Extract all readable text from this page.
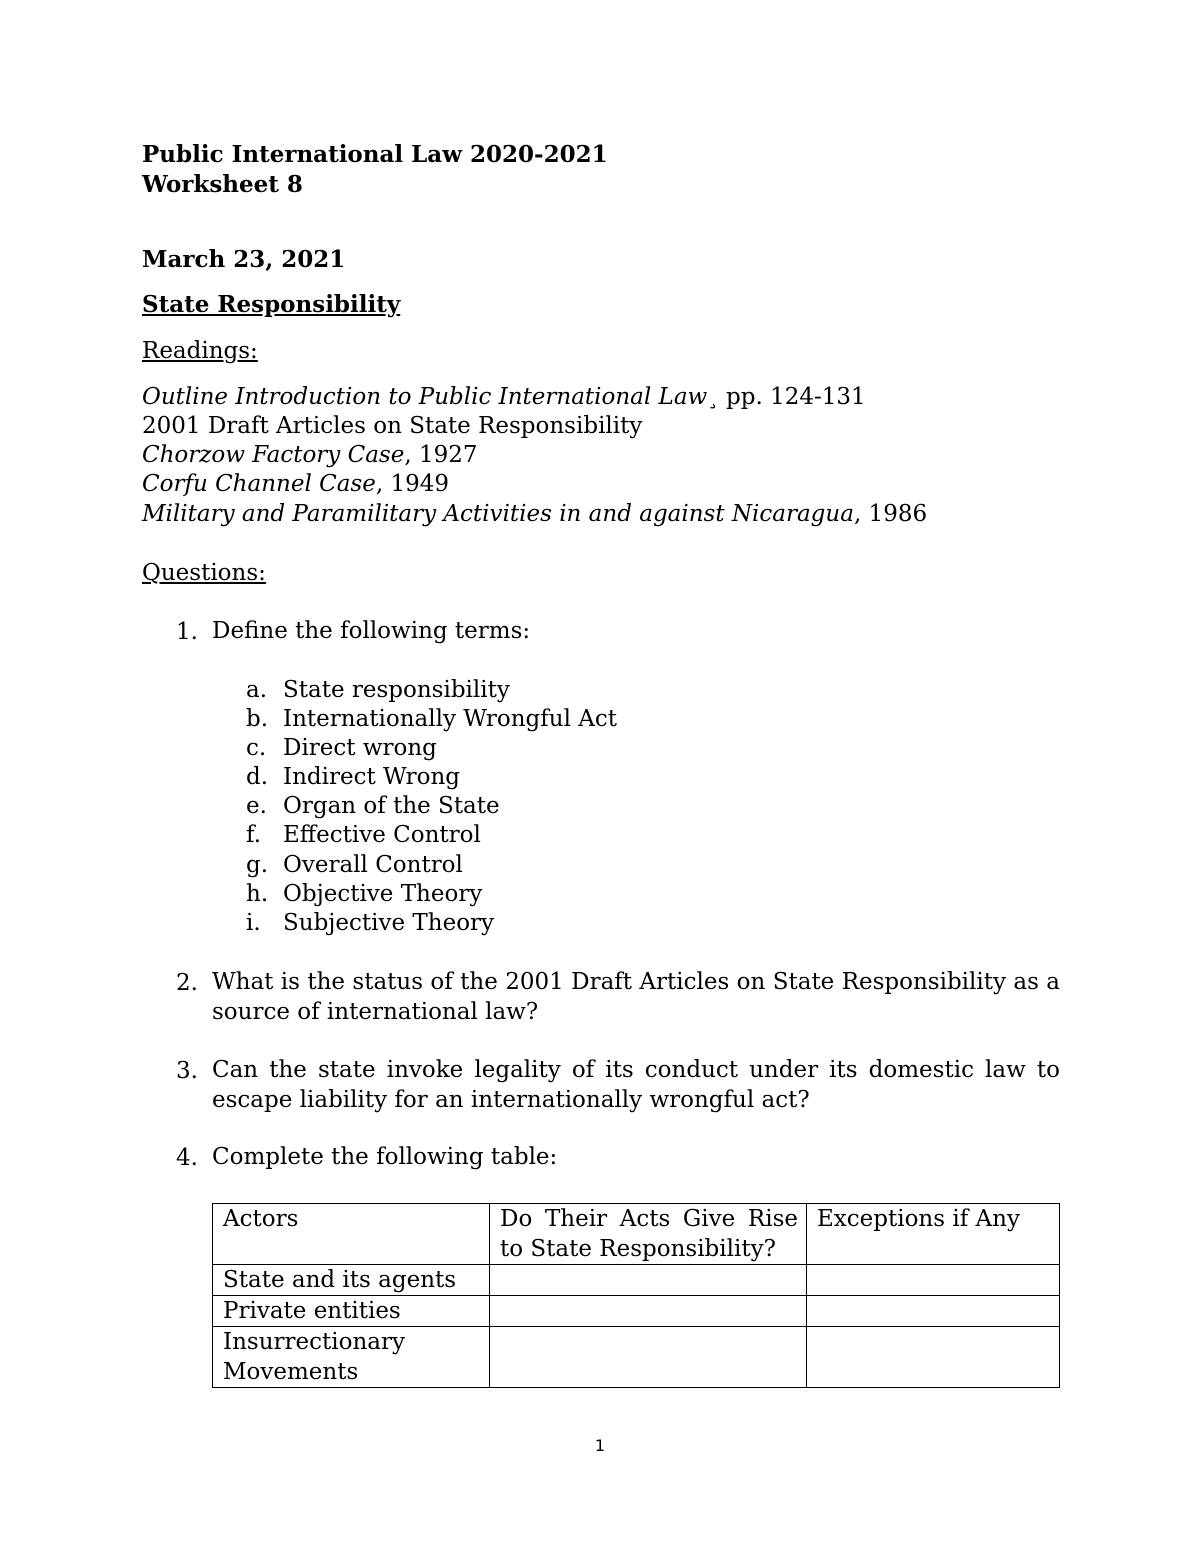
Public International Law 2020-2021
Worksheet 8
March 23, 2021
State Responsibility
Readings:
Outline Introduction to Public International Law¸ pp. 124-131
2001 Draft Articles on State Responsibility
Chorzow Factory Case, 1927
Corfu Channel Case, 1949
Military and Paramilitary Activities in and against Nicaragua, 1986
Questions:
1. Define the following terms:
a. State responsibility
b. Internationally Wrongful Act
c. Direct wrong
d. Indirect Wrong
e. Organ of the State
f. Effective Control
g. Overall Control
h. Objective Theory
i. Subjective Theory
2. What is the status of the 2001 Draft Articles on State Responsibility as a source of international law?
3. Can the state invoke legality of its conduct under its domestic law to escape liability for an internationally wrongful act?
4. Complete the following table:
Actors	Do Their Acts Give Rise to State Responsibility?	Exceptions if Any
State and its agents		
Private entities		
Insurrectionary Movements		
1
